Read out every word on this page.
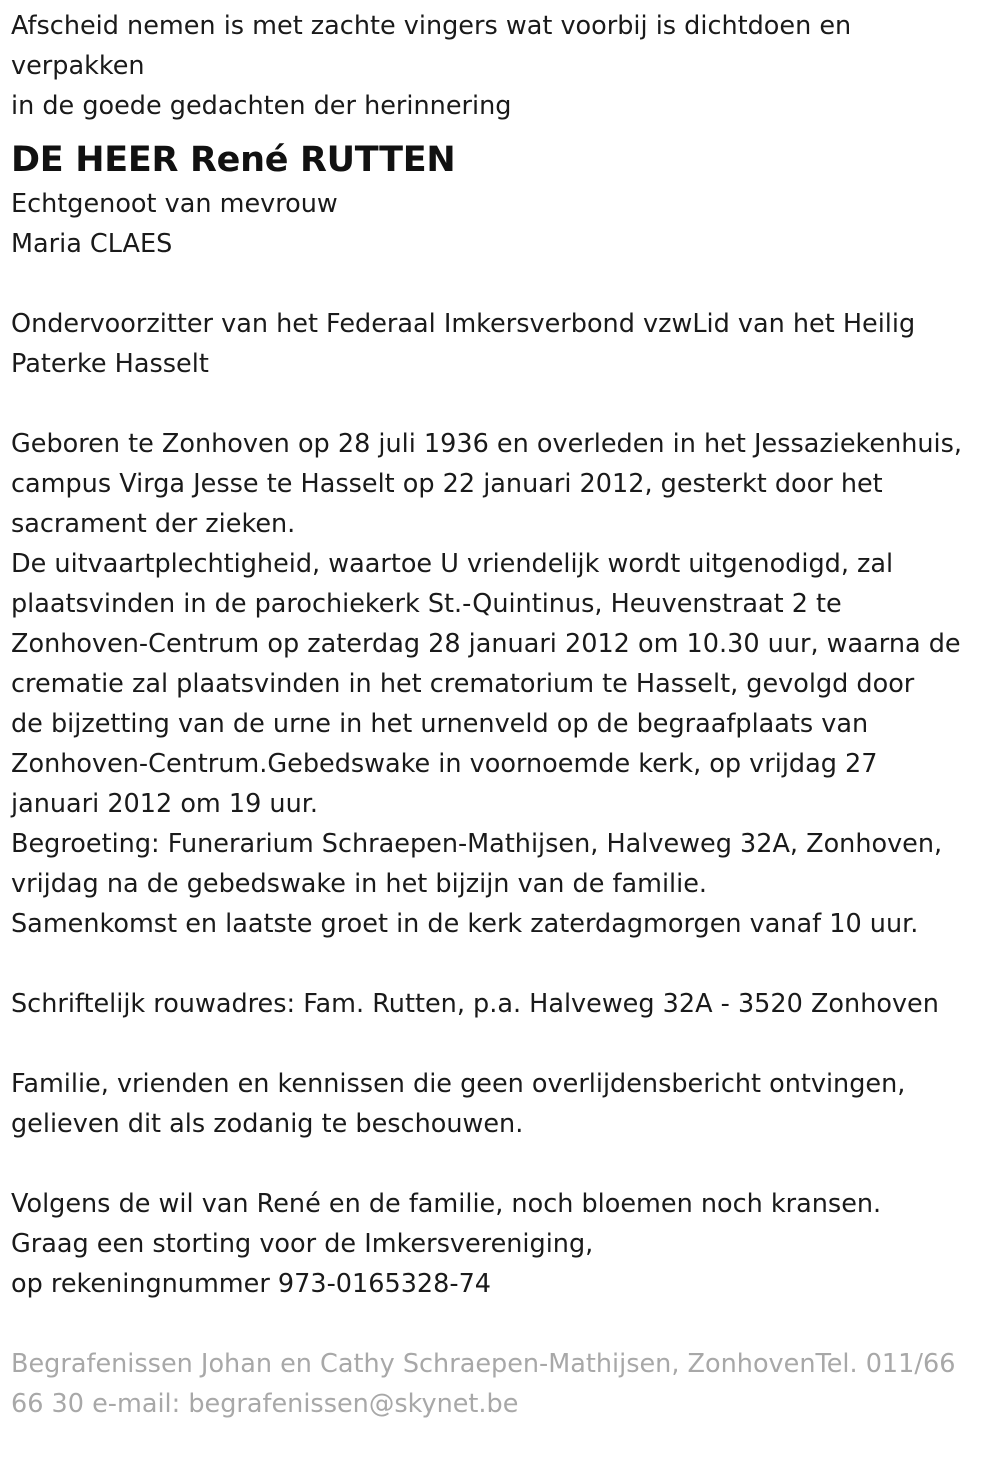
Afscheid nemen is met zachte vingers wat voorbij is dichtdoen en
verpakken
in de goede gedachten der herinnering

DE HEER René RUTTEN

Echtgenoot van mevrouw
Maria CLAES

Ondervoorzitter van het Federaal Imkersverbond vzwLid van het Heilig
Paterke Hasselt

Geboren te Zonhoven op 28 juli 1936 en overleden in het Jessaziekenhuis,
campus Virga Jesse te Hasselt op 22 januari 2012, gesterkt door het
sacrament der zieken.
De uitvaartplechtigheid, waartoe U vriendelijk wordt uitgenodigd, zal
plaatsvinden in de parochiekerk St.-Quintinus, Heuvenstraat 2 te
Zonhoven-Centrum op zaterdag 28 januari 2012 om 10.30 uur, waarna de
crematie zal plaatsvinden in het crematorium te Hasselt, gevolgd door
de bijzetting van de urne in het urnenveld op de begraafplaats van
Zonhoven-Centrum.Gebedswake in voornoemde kerk, op vrijdag 27
januari 2012 om 19 uur.
Begroeting: Funerarium Schraepen-Mathijsen, Halveweg 32A, Zonhoven,
vrijdag na de gebedswake in het bijzijn van de familie.
Samenkomst en laatste groet in de kerk zaterdagmorgen vanaf 10 uur.

Schriftelijk rouwadres: Fam. Rutten, p.a. Halveweg 32A - 3520 Zonhoven

Familie, vrienden en kennissen die geen overlijdensbericht ontvingen,
gelieven dit als zodanig te beschouwen.

Volgens de wil van René en de familie, noch bloemen noch kransen.
Graag een storting voor de Imkersvereniging,
op rekeningnummer 973-0165328-74

Begrafenissen Johan en Cathy Schraepen-Mathijsen, ZonhovenTel. 011/66
66 30 e-mail: begrafenissen@skynet.be
